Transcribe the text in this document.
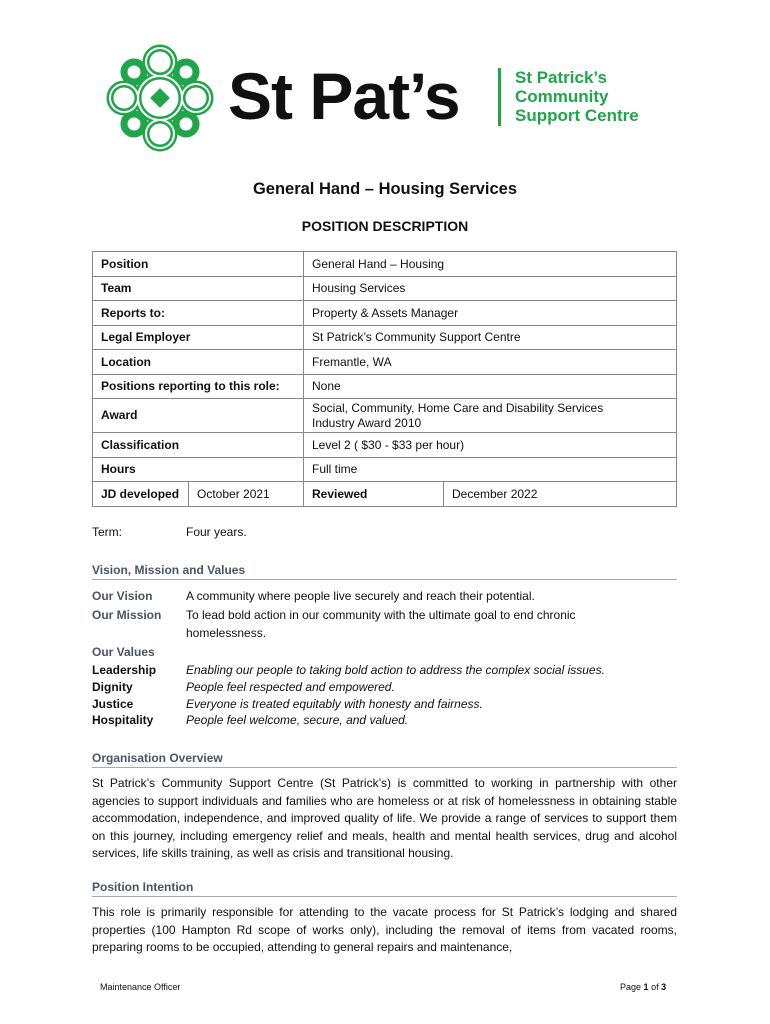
St Pat’s	St Patrick’s
Community
Support Centre
General Hand – Housing Services
POSITION DESCRIPTION
Position		General Hand – Housing	
Team		Housing Services	
Reports to:		Property & Assets Manager	
Legal Employer		St Patrick’s Community Support Centre	
Location		Fremantle, WA	
Positions reporting to this role:		None	
Award		Social, Community, Home Care and Disability Services
Industry Award 2010	

Classification		Level 2 ( $30 - $33 per hour)	
Hours		Full time	
JD developed	October 2021	Reviewed	December 2022
Term:	Four years.
Vision, Mission and Values
Our Vision	A community where people live securely and reach their potential.
Our Mission To lead bold action in our community with the ultimate goal to end chronic
homelessness.
Our Values
Leadership Enabling our people to taking bold action to address the complex social issues.
Dignity	People feel respected and empowered.
Justice	Everyone is treated equitably with honesty and fairness.
Hospitality	People feel welcome, secure, and valued.
Organisation Overview
St Patrick’s Community Support Centre (St Patrick’s) is committed to working in partnership with other agencies to support individuals and families who are homeless or at risk of homelessness in obtaining stable accommodation, independence, and improved quality of life. We provide a range of services to support them on this journey, including emergency relief and meals, health and mental health services, drug and alcohol services, life skills training, as well as crisis and transitional housing.
Position Intention
This role is primarily responsible for attending to the vacate process for St Patrick’s lodging and shared properties (100 Hampton Rd scope of works only), including the removal of items from vacated rooms, preparing rooms to be occupied, attending to general repairs and maintenance,
Maintenance Officer	Page 1 of 3
